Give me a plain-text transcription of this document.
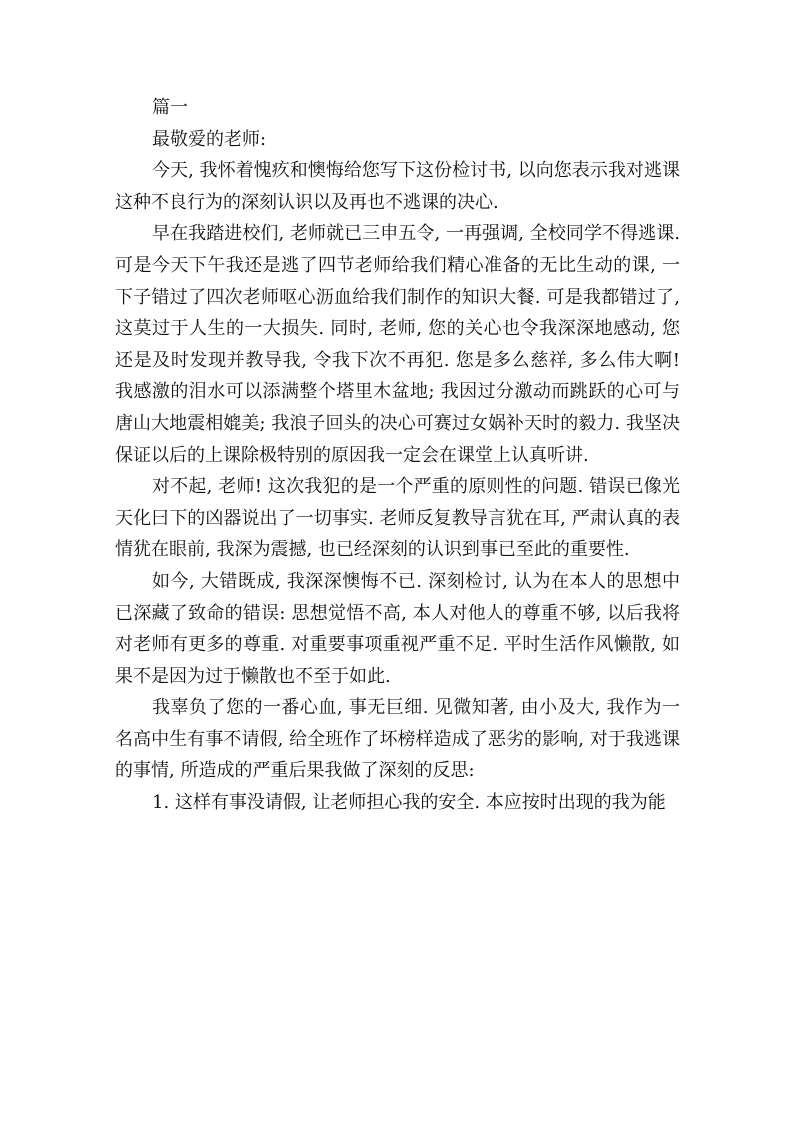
篇一

最敬爱的老师:

今天, 我怀着愧疚和懊悔给您写下这份检讨书, 以向您表示我对逃课这种不良行为的深刻认识以及再也不逃课的决心.

早在我踏进校们, 老师就已三申五令, 一再强调, 全校同学不得逃课. 可是今天下午我还是逃了四节老师给我们精心准备的无比生动的课, 一下子错过了四次老师呕心沥血给我们制作的知识大餐. 可是我都错过了, 这莫过于人生的一大损失. 同时, 老师, 您的关心也令我深深地感动, 您还是及时发现并教导我, 令我下次不再犯. 您是多么慈祥, 多么伟大啊! 我感激的泪水可以添满整个塔里木盆地; 我因过分激动而跳跃的心可与唐山大地震相媲美; 我浪子回头的决心可赛过女娲补天时的毅力. 我坚决保证以后的上课除极特别的原因我一定会在课堂上认真听讲.

对不起, 老师! 这次我犯的是一个严重的原则性的问题. 错误已像光天化曰下的凶器说出了一切事实. 老师反复教导言犹在耳, 严肃认真的表情犹在眼前, 我深为震撼, 也已经深刻的认识到事已至此的重要性.

如今, 大错既成, 我深深懊悔不已. 深刻检讨, 认为在本人的思想中已深藏了致命的错误: 思想觉悟不高, 本人对他人的尊重不够, 以后我将对老师有更多的尊重. 对重要事项重视严重不足. 平时生活作风懒散, 如果不是因为过于懒散也不至于如此.

我辜负了您的一番心血, 事无巨细. 见微知著, 由小及大, 我作为一名高中生有事不请假, 给全班作了坏榜样造成了恶劣的影响, 对于我逃课的事情, 所造成的严重后果我做了深刻的反思:

1. 这样有事没请假, 让老师担心我的安全. 本应按时出现的我为能
